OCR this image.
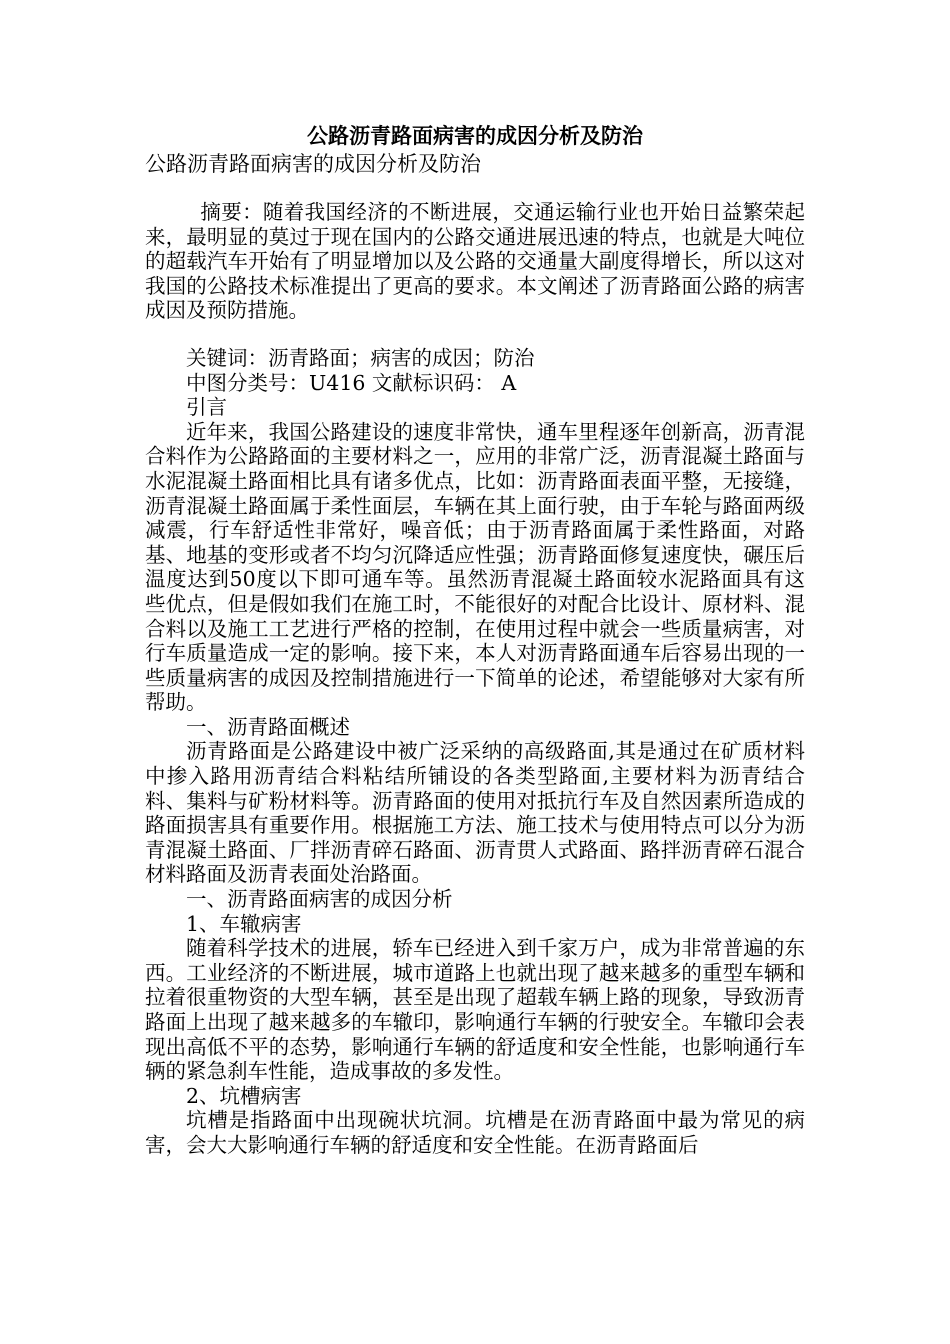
公路沥青路面病害的成因分析及防治
公路沥青路面病害的成因分析及防治

摘要：随着我国经济的不断进展，交通运输行业也开始日益繁荣起来，最明显的莫过于现在国内的公路交通进展迅速的特点，也就是大吨位的超载汽车开始有了明显增加以及公路的交通量大副度得增长，所以这对我国的公路技术标准提出了更高的要求。本文阐述了沥青路面公路的病害成因及预防措施。

关键词：沥青路面；病害的成因；防治

中图分类号：U416 文献标识码： A

引言

近年来，我国公路建设的速度非常快，通车里程逐年创新高，沥青混合料作为公路路面的主要材料之一，应用的非常广泛，沥青混凝土路面与水泥混凝土路面相比具有诸多优点，比如：沥青路面表面平整，无接缝，沥青混凝土路面属于柔性面层，车辆在其上面行驶，由于车轮与路面两级减震，行车舒适性非常好，噪音低；由于沥青路面属于柔性路面，对路基、地基的变形或者不均匀沉降适应性强；沥青路面修复速度快，碾压后温度达到50度以下即可通车等。虽然沥青混凝土路面较水泥路面具有这些优点，但是假如我们在施工时，不能很好的对配合比设计、原材料、混合料以及施工工艺进行严格的控制，在使用过程中就会一些质量病害，对行车质量造成一定的影响。接下来，本人对沥青路面通车后容易出现的一些质量病害的成因及控制措施进行一下简单的论述，希望能够对大家有所帮助。

一、沥青路面概述

沥青路面是公路建设中被广泛采纳的高级路面,其是通过在矿质材料中掺入路用沥青结合料粘结所铺设的各类型路面,主要材料为沥青结合料、集料与矿粉材料等。沥青路面的使用对抵抗行车及自然因素所造成的路面损害具有重要作用。根据施工方法、施工技术与使用特点可以分为沥青混凝土路面、厂拌沥青碎石路面、沥青贯人式路面、路拌沥青碎石混合材料路面及沥青表面处治路面。

一、沥青路面病害的成因分析

1、车辙病害

随着科学技术的进展，轿车已经进入到千家万户，成为非常普遍的东西。工业经济的不断进展，城市道路上也就出现了越来越多的重型车辆和拉着很重物资的大型车辆，甚至是出现了超载车辆上路的现象，导致沥青路面上出现了越来越多的车辙印，影响通行车辆的行驶安全。车辙印会表现出高低不平的态势，影响通行车辆的舒适度和安全性能，也影响通行车辆的紧急刹车性能，造成事故的多发性。

2、坑槽病害

坑槽是指路面中出现碗状坑洞。坑槽是在沥青路面中最为常见的病害，会大大影响通行车辆的舒适度和安全性能。在沥青路面后
